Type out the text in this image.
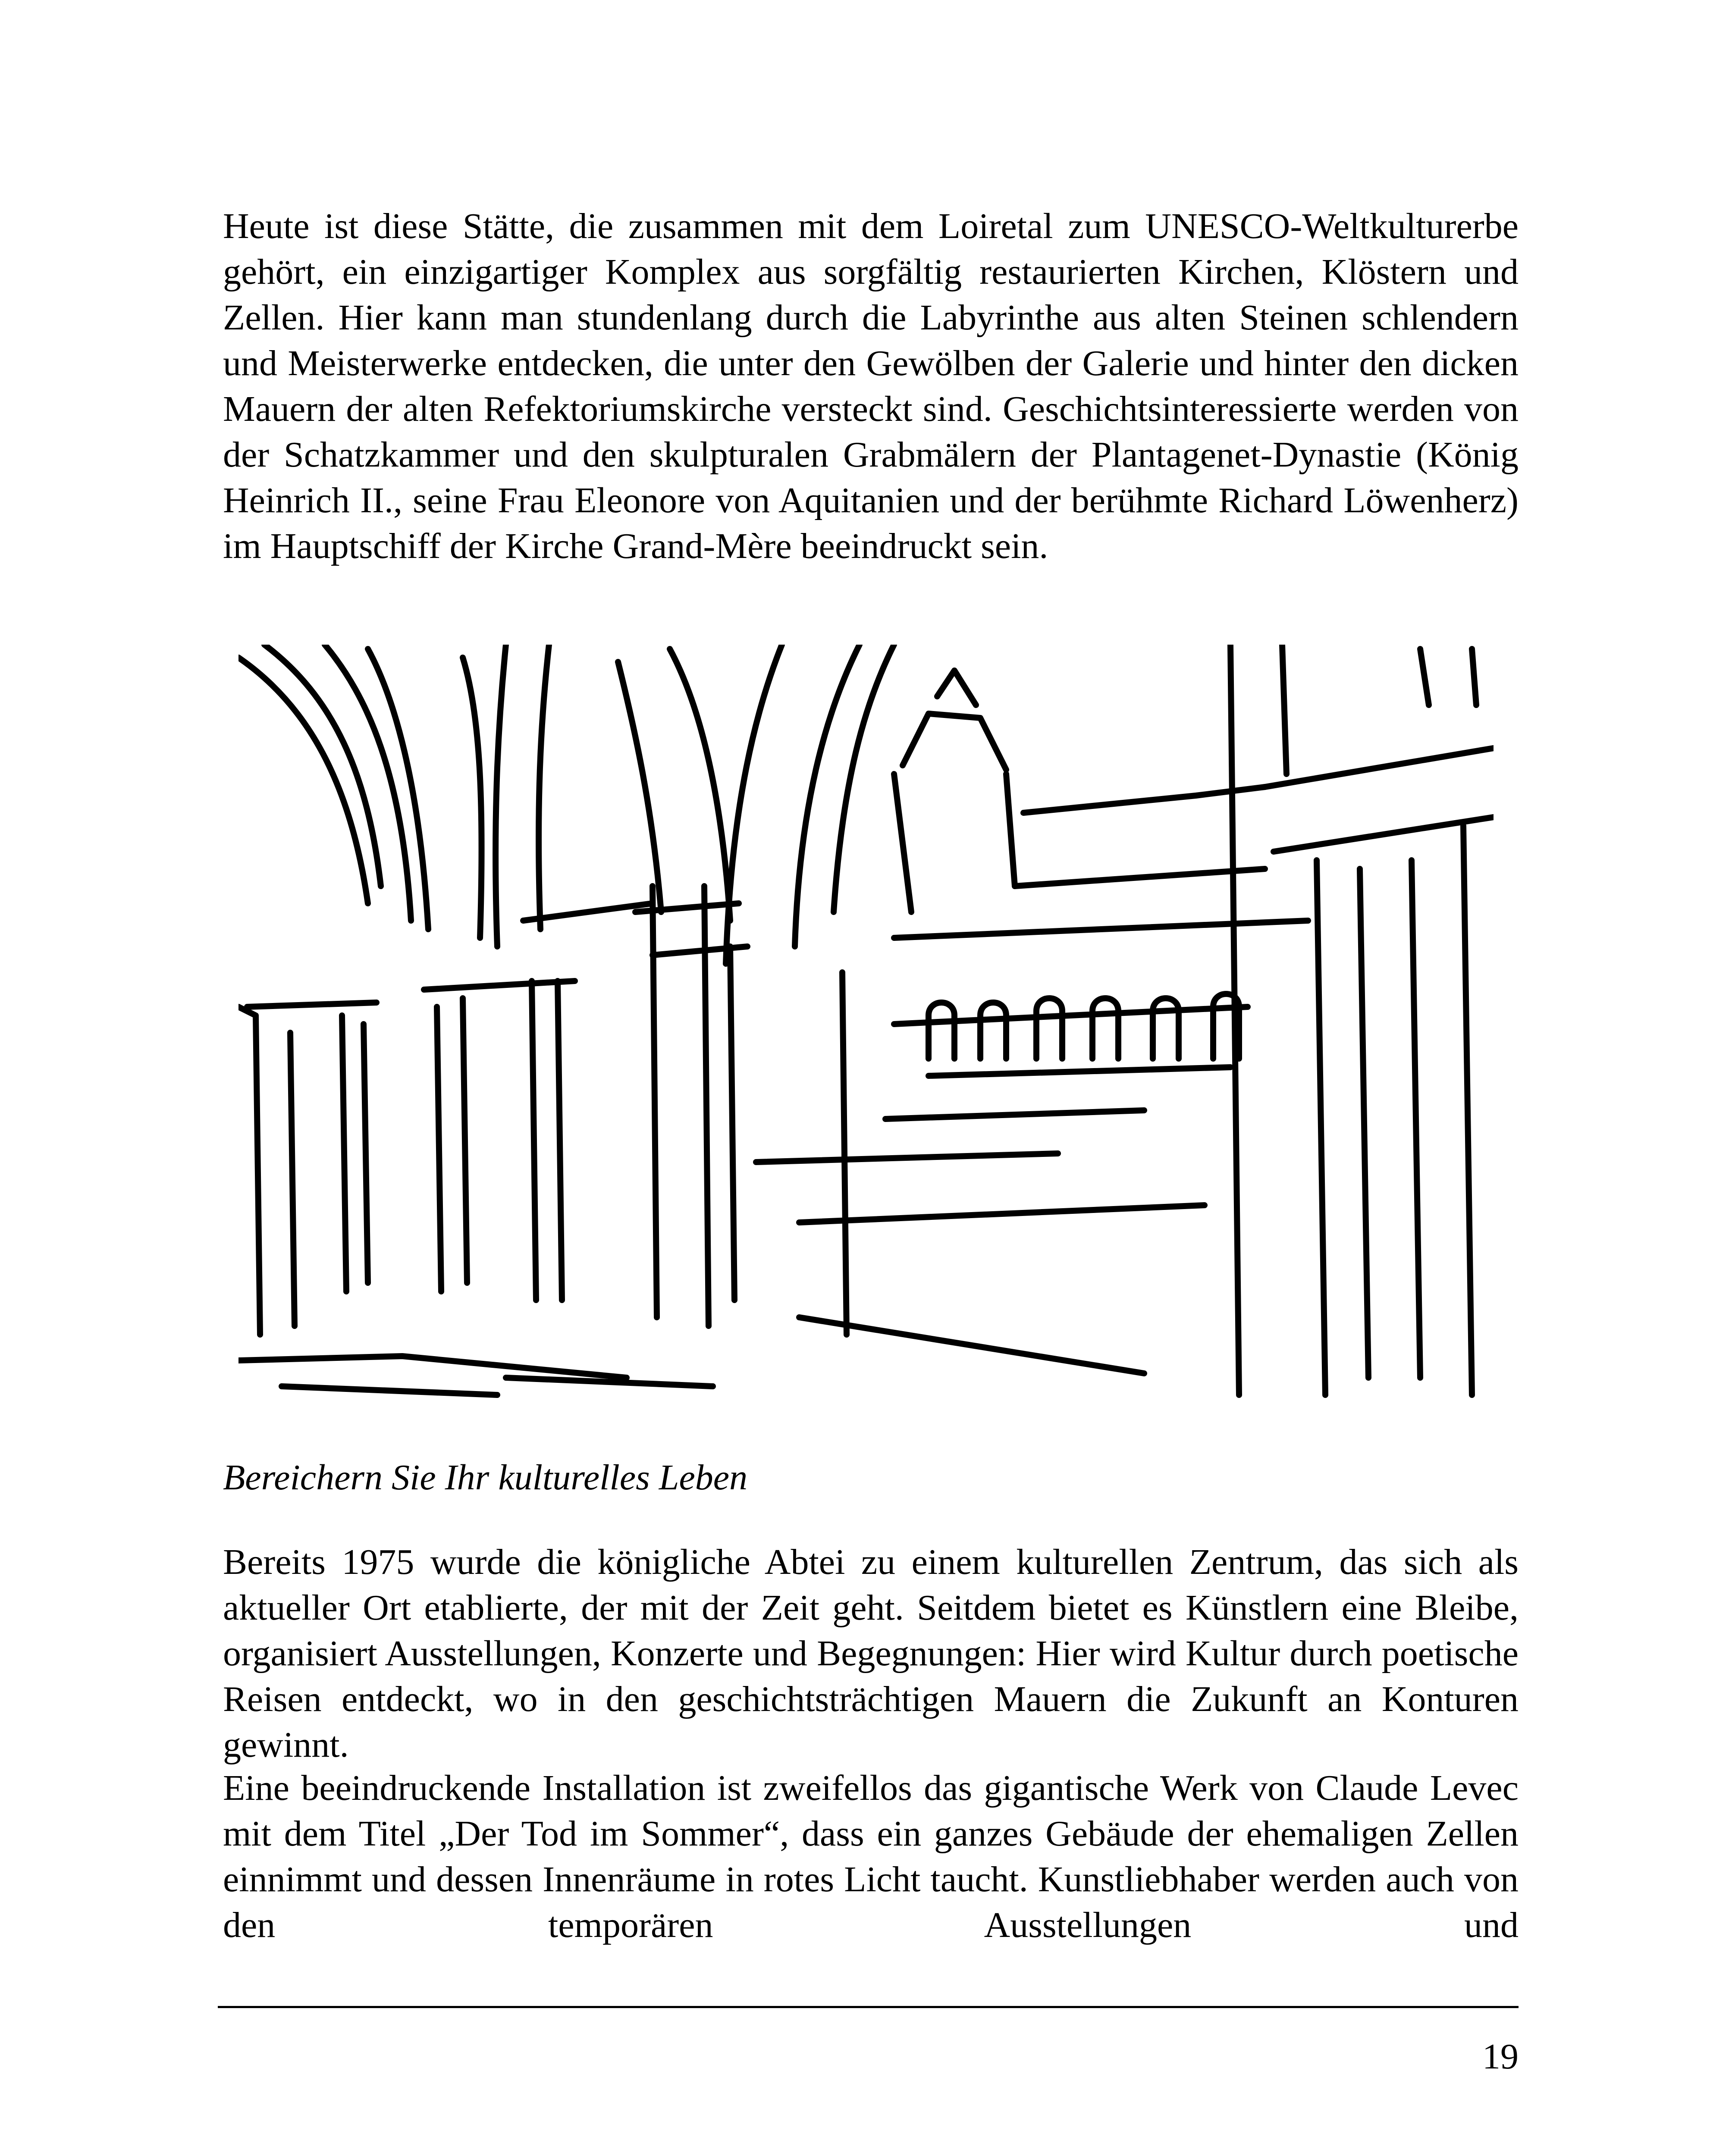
Heute ist diese Stätte, die zusammen mit dem Loiretal zum UNESCO-Weltkulturerbe gehört, ein einzigartiger Komplex aus sorgfältig restaurierten Kirchen, Klöstern und Zellen. Hier kann man stundenlang durch die Labyrinthe aus alten Steinen schlendern und Meisterwerke entdecken, die unter den Gewölben der Galerie und hinter den dicken Mauern der alten Refektoriumskirche versteckt sind. Geschichtsinteressierte werden von der Schatzkammer und den skulpturalen Grabmälern der Plantagenet-Dynastie (König Heinrich II., seine Frau Eleonore von Aquitanien und der berühmte Richard Löwenherz) im Hauptschiff der Kirche Grand-Mère beeindruckt sein.

Bereichern Sie Ihr kulturelles Leben

Bereits 1975 wurde die königliche Abtei zu einem kulturellen Zentrum, das sich als aktueller Ort etablierte, der mit der Zeit geht. Seitdem bietet es Künstlern eine Bleibe, organisiert Ausstellungen, Konzerte und Begegnungen: Hier wird Kultur durch poetische Reisen entdeckt, wo in den geschichtsträchtigen Mauern die Zukunft an Konturen gewinnt.

Eine beeindruckende Installation ist zweifellos das gigantische Werk von Claude Levec mit dem Titel „Der Tod im Sommer“, dass ein ganzes Gebäude der ehemaligen Zellen einnimmt und dessen Innenräume in rotes Licht taucht. Kunstliebhaber werden auch von den temporären Ausstellungen und

19
